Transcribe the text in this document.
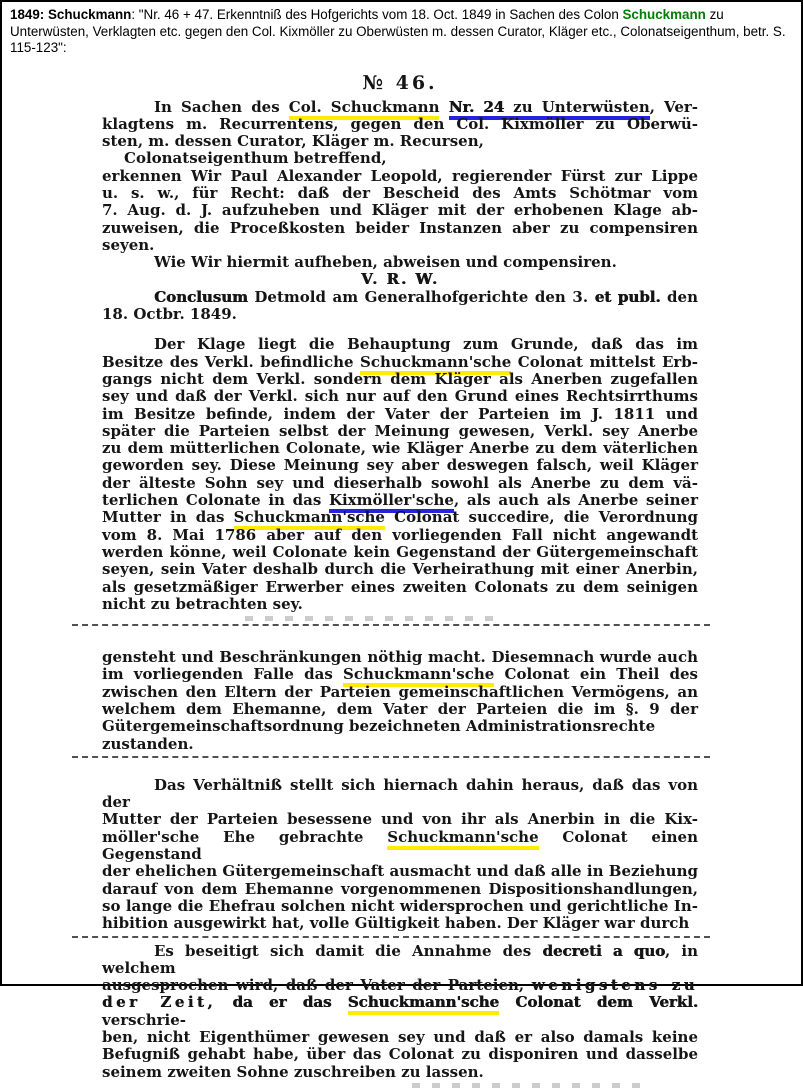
1849: Schuckmann: "Nr. 46 + 47. Erkenntniß des Hofgerichts vom 18. Oct. 1849 in Sachen des Colon Schuckmann zu Unterwüsten, Verklagten etc. gegen den Col. Kixmöller zu Oberwüsten m. dessen Curator, Kläger etc., Colonatseigenthum, betr. S. 115-123":
№ 46.
In Sachen des Col. Schuckmann Nr. 24 zu Unterwüsten, Ver-
klagtens m. Recurrentens, gegen den Col. Kixmöller zu Oberwü-
sten, m. dessen Curator, Kläger m. Recursen,
Colonatseigenthum betreffend,
erkennen Wir Paul Alexander Leopold, regierender Fürst zur Lippe
u. s. w., für Recht: daß der Bescheid des Amts Schötmar vom
7. Aug. d. J. aufzuheben und Kläger mit der erhobenen Klage ab-
zuweisen, die Proceßkosten beider Instanzen aber zu compensiren
seyen.
Wie Wir hiermit aufheben, abweisen und compensiren.
V. R. W.
Conclusum Detmold am Generalhofgerichte den 3. et publ. den
18. Octbr. 1849.
Der Klage liegt die Behauptung zum Grunde, daß das im
Besitze des Verkl. befindliche Schuckmann'sche Colonat mittelst Erb-
gangs nicht dem Verkl. sondern dem Kläger als Anerben zugefallen
sey und daß der Verkl. sich nur auf den Grund eines Rechtsirrthums
im Besitze befinde, indem der Vater der Parteien im J. 1811 und
später die Parteien selbst der Meinung gewesen, Verkl. sey Anerbe
zu dem mütterlichen Colonate, wie Kläger Anerbe zu dem väterlichen
geworden sey. Diese Meinung sey aber deswegen falsch, weil Kläger
der älteste Sohn sey und dieserhalb sowohl als Anerbe zu dem vä-
terlichen Colonate in das Kixmöller'sche, als auch als Anerbe seiner
Mutter in das Schuckmann'sche Colonat succedire, die Verordnung
vom 8. Mai 1786 aber auf den vorliegenden Fall nicht angewandt
werden könne, weil Colonate kein Gegenstand der Gütergemeinschaft
seyen, sein Vater deshalb durch die Verheirathung mit einer Anerbin,
als gesetzmäßiger Erwerber eines zweiten Colonats zu dem seinigen
nicht zu betrachten sey.
gensteht und Beschränkungen nöthig macht. Diesemnach wurde auch
im vorliegenden Falle das Schuckmann'sche Colonat ein Theil des
zwischen den Eltern der Parteien gemeinschaftlichen Vermögens, an
welchem dem Ehemanne, dem Vater der Parteien die im §. 9 der
Gütergemeinschaftsordnung bezeichneten Administrationsrechte zustanden.
Das Verhältniß stellt sich hiernach dahin heraus, daß das von der
Mutter der Parteien besessene und von ihr als Anerbin in die Kix-
möller'sche Ehe gebrachte Schuckmann'sche Colonat einen Gegenstand
der ehelichen Gütergemeinschaft ausmacht und daß alle in Beziehung
darauf von dem Ehemanne vorgenommenen Dispositionshandlungen,
so lange die Ehefrau solchen nicht widersprochen und gerichtliche In-
hibition ausgewirkt hat, volle Gültigkeit haben. Der Kläger war durch
Es beseitigt sich damit die Annahme des decreti a quo, in welchem
ausgesprochen wird, daß der Vater der Parteien, wenigstens zu
der Zeit, da er das Schuckmann'sche Colonat dem Verkl. verschrie-
ben, nicht Eigenthümer gewesen sey und daß er also damals keine
Befugniß gehabt habe, über das Colonat zu disponiren und dasselbe
seinem zweiten Sohne zuschreiben zu lassen.
